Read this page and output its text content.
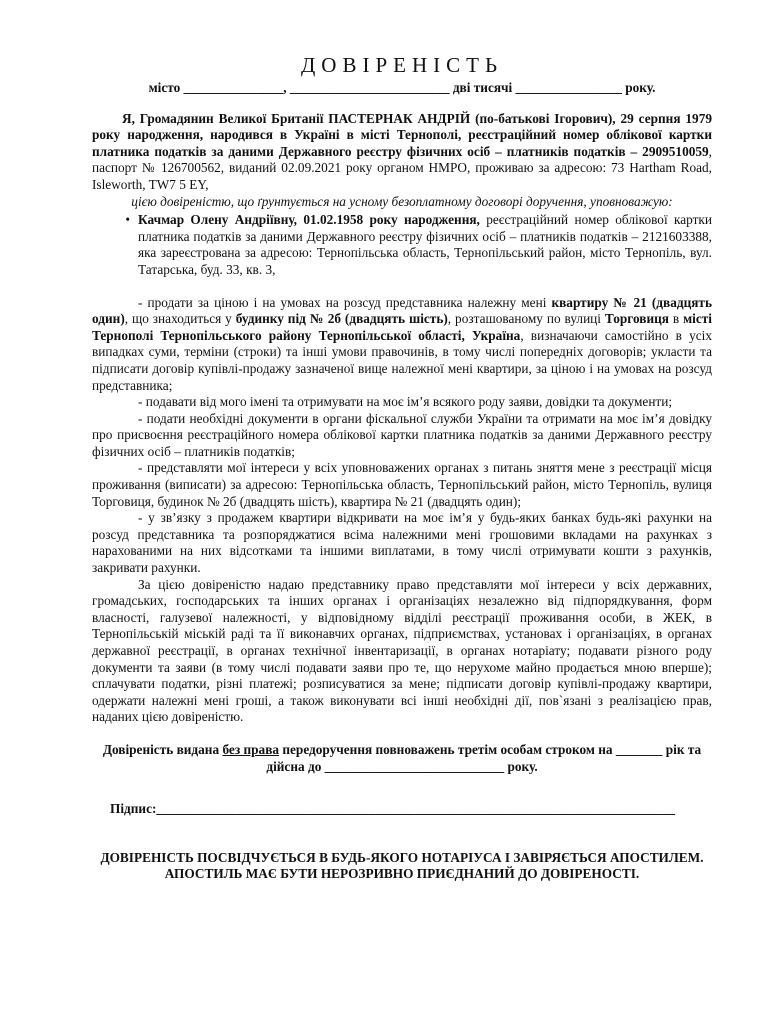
ДОВІРЕНІСТЬ
місто _______________, ________________________ дві тисячі ________________ року.

Я, Громадянин Великої Британії ПАСТЕРНАК АНДРІЙ (по-батькові Ігорович), 29 серпня 1979 року народження, народився в Україні в місті Тернополі, реєстраційний номер облікової картки платника податків за даними Державного реєстру фізичних осіб – платників податків – 2909510059, паспорт № 126700562, виданий 02.09.2021 року органом HMPO, проживаю за адресою: 73 Hartham Road, Isleworth, TW7 5 EY,

цією довіреністю, що ґрунтується на усному безоплатному договорі доручення, уповноважую:

• Качмар Олену Андріївну, 01.02.1958 року народження, реєстраційний номер облікової картки платника податків за даними Державного реєстру фізичних осіб – платників податків – 2121603388, яка зареєстрована за адресою: Тернопільська область, Тернопільський район, місто Тернопіль, вул. Татарська, буд. 33, кв. 3,

- продати за ціною і на умовах на розсуд представника належну мені квартиру № 21 (двадцять один), що знаходиться у будинку під № 2б (двадцять шість), розташованому по вулиці Торговиця в місті Тернополі Тернопільського району Тернопільської області, Україна, визначаючи самостійно в усіх випадках суми, терміни (строки) та інші умови правочинів, в тому числі попередніх договорів; укласти та підписати договір купівлі-продажу зазначеної вище належної мені квартири, за ціною і на умовах на розсуд представника;

- подавати від мого імені та отримувати на моє ім’я всякого роду заяви, довідки та документи;

- подати необхідні документи в органи фіскальної служби України та отримати на моє ім’я довідку про присвоєння реєстраційного номера облікової картки платника податків за даними Державного реєстру фізичних осіб – платників податків;

- представляти мої інтереси у всіх уповноважених органах з питань зняття мене з реєстрації місця проживання (виписати) за адресою: Тернопільська область, Тернопільський район, місто Тернопіль, вулиця Торговиця, будинок № 2б (двадцять шість), квартира № 21 (двадцять один);

- у зв’язку з продажем квартири відкривати на моє ім’я у будь-яких банках будь-які рахунки на розсуд представника та розпоряджатися всіма належними мені грошовими вкладами на рахунках з нарахованими на них відсотками та іншими виплатами, в тому числі отримувати кошти з рахунків, закривати рахунки.

За цією довіреністю надаю представнику право представляти мої інтереси у всіх державних, громадських, господарських та інших органах і організаціях незалежно від підпорядкування, форм власності, галузевої належності, у відповідному відділі реєстрації проживання особи, в ЖЕК, в Тернопільській міській раді та її виконавчих органах, підприємствах, установах і організаціях, в органах державної реєстрації, в органах технічної інвентаризації, в органах нотаріату; подавати різного роду документи та заяви (в тому числі подавати заяви про те, що нерухоме майно продається мною вперше); сплачувати податки, різні платежі; розписуватися за мене; підписати договір купівлі-продажу квартири, одержати належні мені гроші, а також виконувати всі інші необхідні дії, пов`язані з реалізацією прав, наданих цією довіреністю.

Довіреність видана без права передоручення повноважень третім особам строком на _______ рік та дійсна до ___________________________ року.

Підпис:______________________________________________________________________________

ДОВІРЕНІСТЬ ПОСВІДЧУЄТЬСЯ В БУДЬ-ЯКОГО НОТАРІУСА І ЗАВІРЯЄТЬСЯ АПОСТИЛЕМ. АПОСТИЛЬ МАЄ БУТИ НЕРОЗРИВНО ПРИЄДНАНИЙ ДО ДОВІРЕНОСТІ.
